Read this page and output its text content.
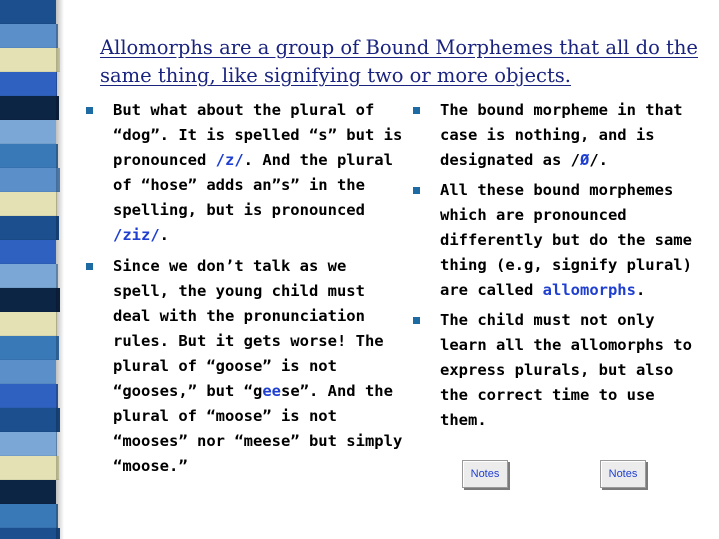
Allomorphs are a group of Bound Morphemes that all do the same thing, like signifying two or more objects.
But what about the plural of “dog”. It is spelled “s” but is pronounced /z/. And the plural of “hose” adds an”s” in the spelling, but is pronounced /ziz/.
Since we don’t talk as we spell, the young child must deal with the pronunciation rules. But it gets worse! The plural of “goose” is not “gooses,” but “geese”. And the plural of “moose” is not “mooses” nor “meese” but simply “moose.”
The bound morpheme in that case is nothing, and is designated as /Ø/.
All these bound morphemes which are pronounced differently but do the same thing (e.g, signify plural) are called allomorphs.
The child must not only learn all the allomorphs to express plurals, but also the correct time to use them.
Notes	Notes
